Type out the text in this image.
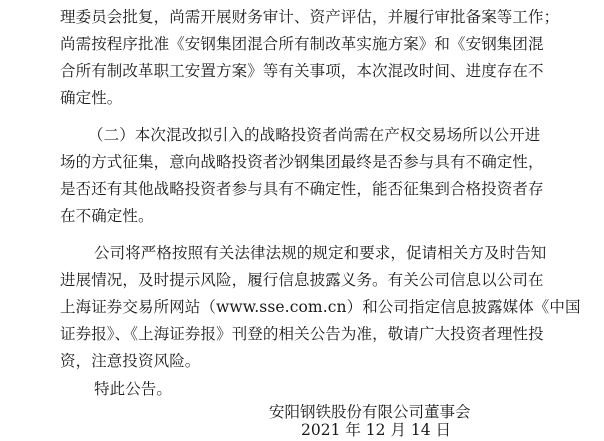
理委员会批复，尚需开展财务审计、资产评估，并履行审批备案等工作；
尚需按程序批准《安钢集团混合所有制改革实施方案》和《安钢集团混
合所有制改革职工安置方案》等有关事项，本次混改时间、进度存在不
确定性。
（二）本次混改拟引入的战略投资者尚需在产权交易场所以公开进
场的方式征集，意向战略投资者沙钢集团最终是否参与具有不确定性，
是否还有其他战略投资者参与具有不确定性，能否征集到合格投资者存
在不确定性。
公司将严格按照有关法律法规的规定和要求，促请相关方及时告知
进展情况，及时提示风险，履行信息披露义务。有关公司信息以公司在
上海证券交易所网站（www.sse.com.cn）和公司指定信息披露媒体《中国
证券报》、《上海证券报》刊登的相关公告为准，敬请广大投资者理性投
资，注意投资风险。
特此公告。
安阳钢铁股份有限公司董事会
2021 年 12 月 14 日
